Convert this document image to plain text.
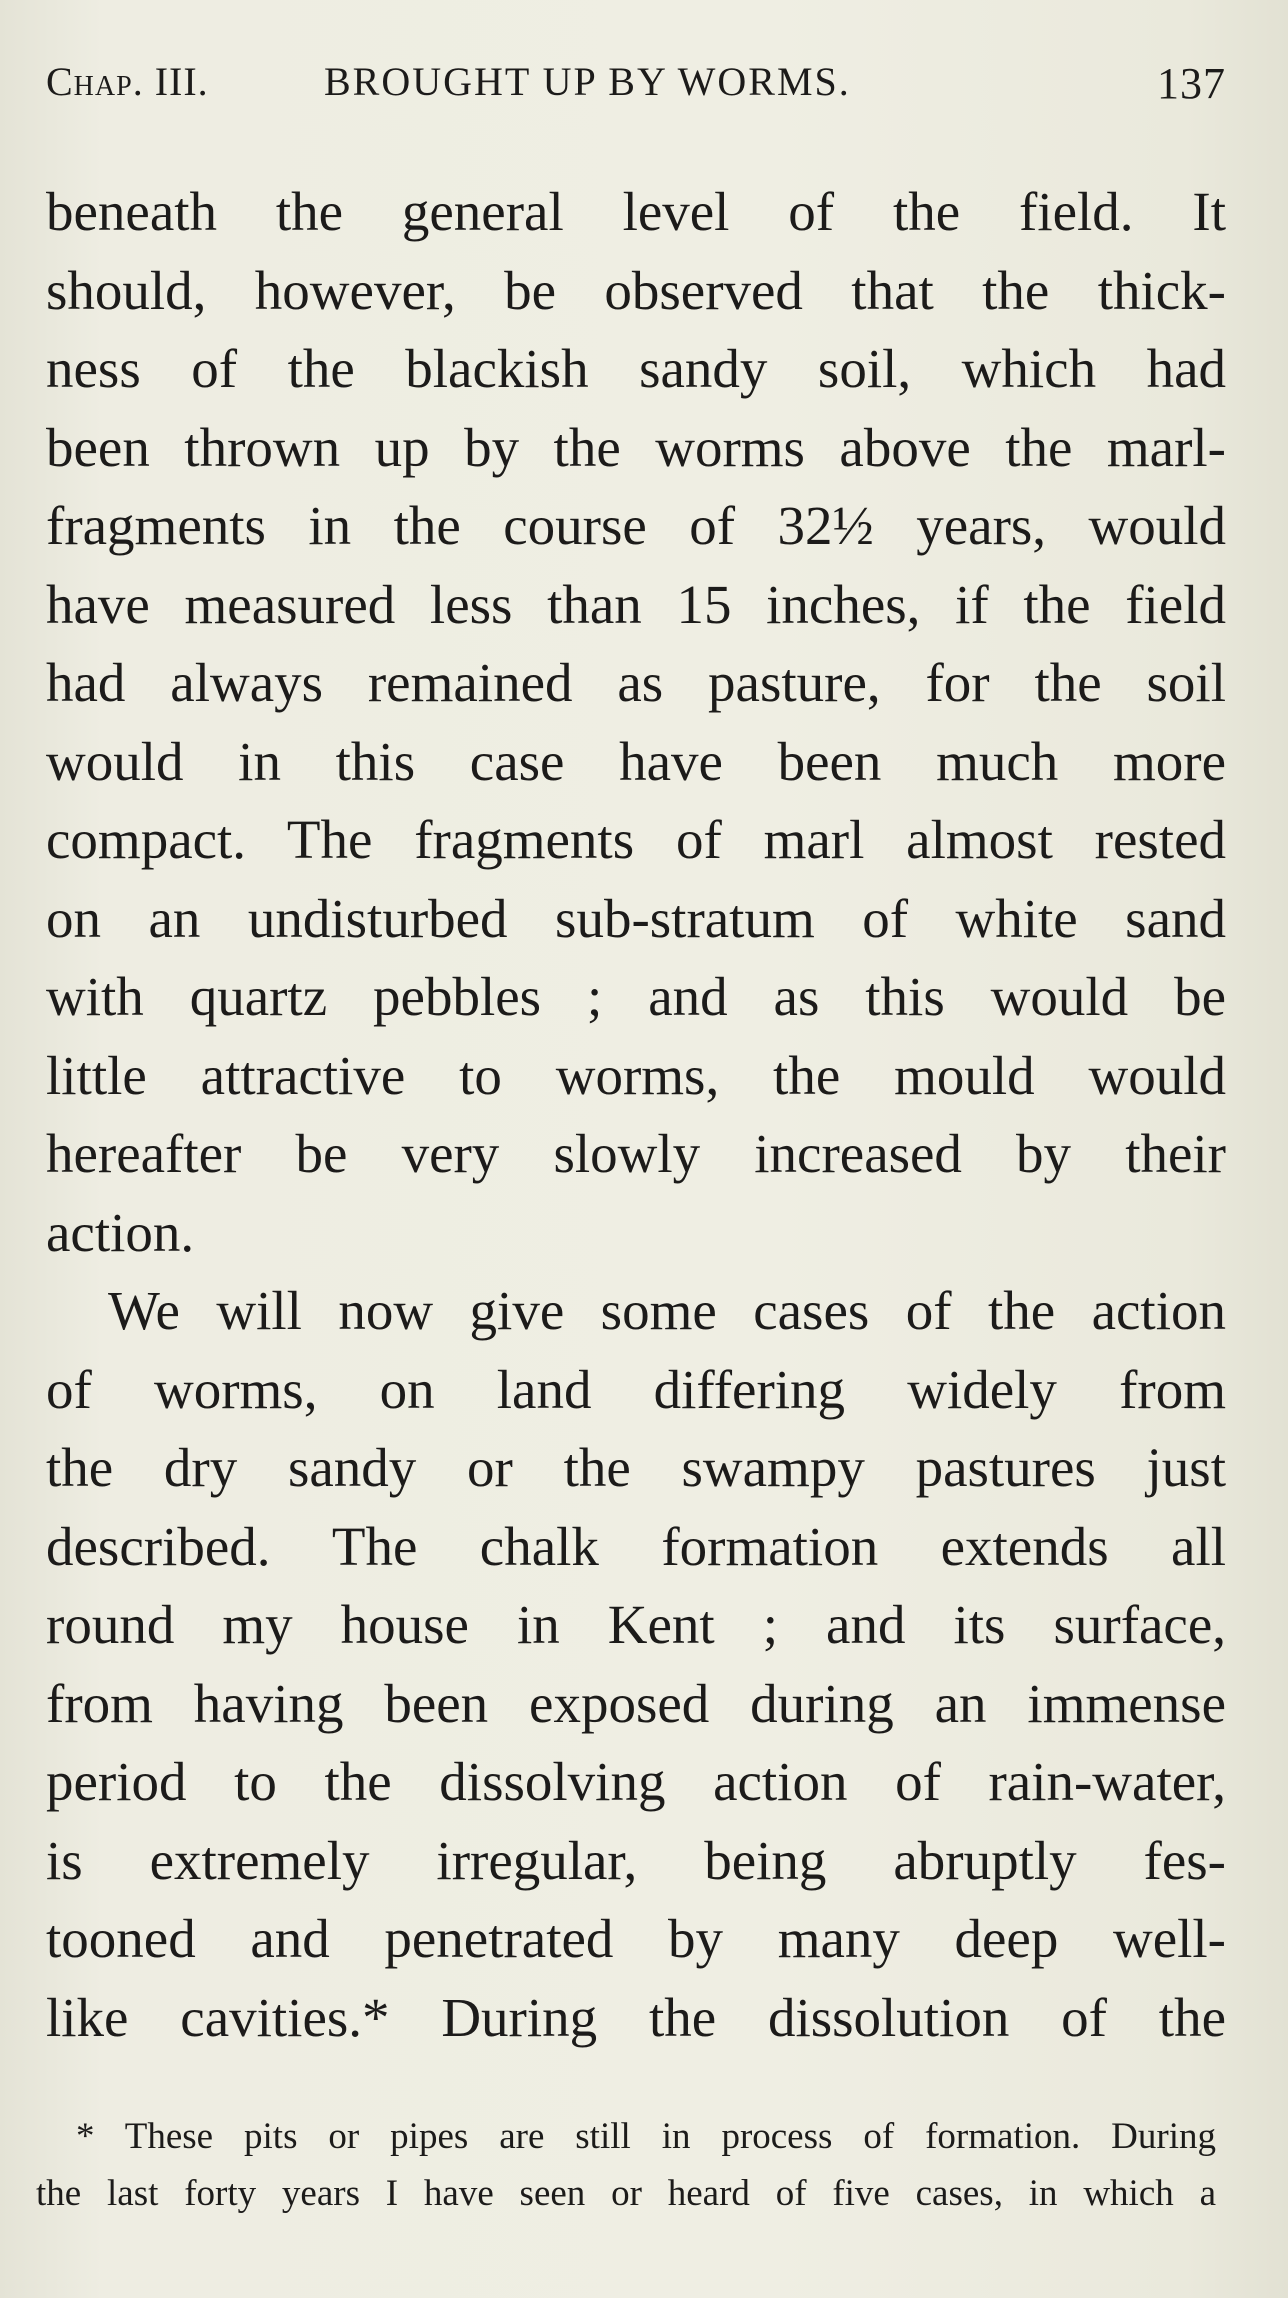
Chap. III.	BROUGHT UP BY WORMS.	137
beneath the general level of the field. It
should, however, be observed that the thick-
ness of the blackish sandy soil, which had
been thrown up by the worms above the marl-
fragments in the course of 32½ years, would
have measured less than 15 inches, if the field
had always remained as pasture, for the soil
would in this case have been much more
compact. The fragments of marl almost rested
on an undisturbed sub-stratum of white sand
with quartz pebbles ; and as this would be
little attractive to worms, the mould would
hereafter be very slowly increased by their
action.
We will now give some cases of the action
of worms, on land differing widely from
the dry sandy or the swampy pastures just
described. The chalk formation extends all
round my house in Kent ; and its surface,
from having been exposed during an immense
period to the dissolving action of rain-water,
is extremely irregular, being abruptly fes-
tooned and penetrated by many deep well-
like cavities.* During the dissolution of the
* These pits or pipes are still in process of formation. During
the last forty years I have seen or heard of five cases, in which a
